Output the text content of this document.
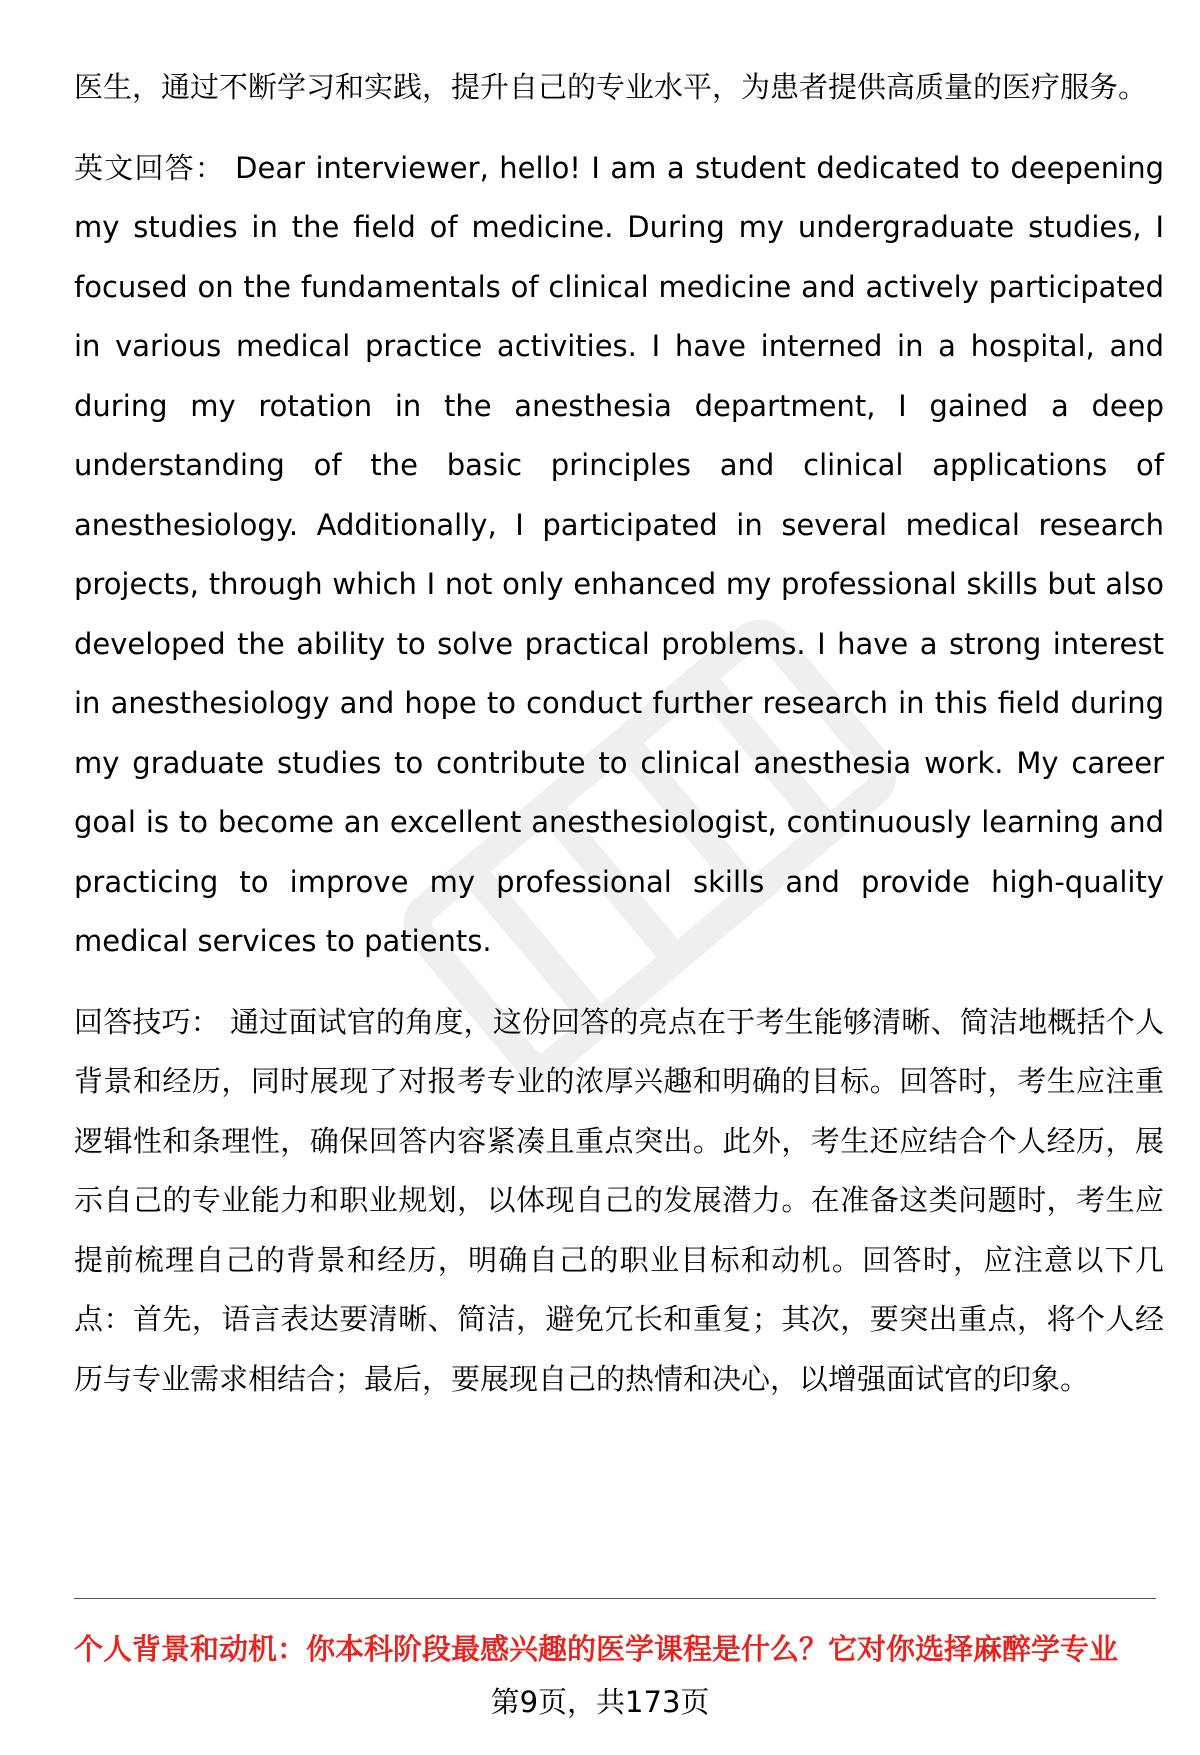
医生，通过不断学习和实践，提升自己的专业水平，为患者提供高质量的医疗服务。

英文回答： Dear interviewer, hello! I am a student dedicated to deepening my studies in the field of medicine. During my undergraduate studies, I focused on the fundamentals of clinical medicine and actively participated in various medical practice activities. I have interned in a hospital, and during my rotation in the anesthesia department, I gained a deep understanding of the basic principles and clinical applications of anesthesiology. Additionally, I participated in several medical research projects, through which I not only enhanced my professional skills but also developed the ability to solve practical problems. I have a strong interest in anesthesiology and hope to conduct further research in this field during my graduate studies to contribute to clinical anesthesia work. My career goal is to become an excellent anesthesiologist, continuously learning and practicing to improve my professional skills and provide high-quality medical services to patients.

回答技巧： 通过面试官的角度，这份回答的亮点在于考生能够清晰、简洁地概括个人背景和经历，同时展现了对报考专业的浓厚兴趣和明确的目标。回答时，考生应注重逻辑性和条理性，确保回答内容紧凑且重点突出。此外，考生还应结合个人经历，展示自己的专业能力和职业规划，以体现自己的发展潜力。在准备这类问题时，考生应提前梳理自己的背景和经历，明确自己的职业目标和动机。回答时，应注意以下几点：首先，语言表达要清晰、简洁，避免冗长和重复；其次，要突出重点，将个人经历与专业需求相结合；最后，要展现自己的热情和决心，以增强面试官的印象。

个人背景和动机：你本科阶段最感兴趣的医学课程是什么？它对你选择麻醉学专业
第9页，共173页
